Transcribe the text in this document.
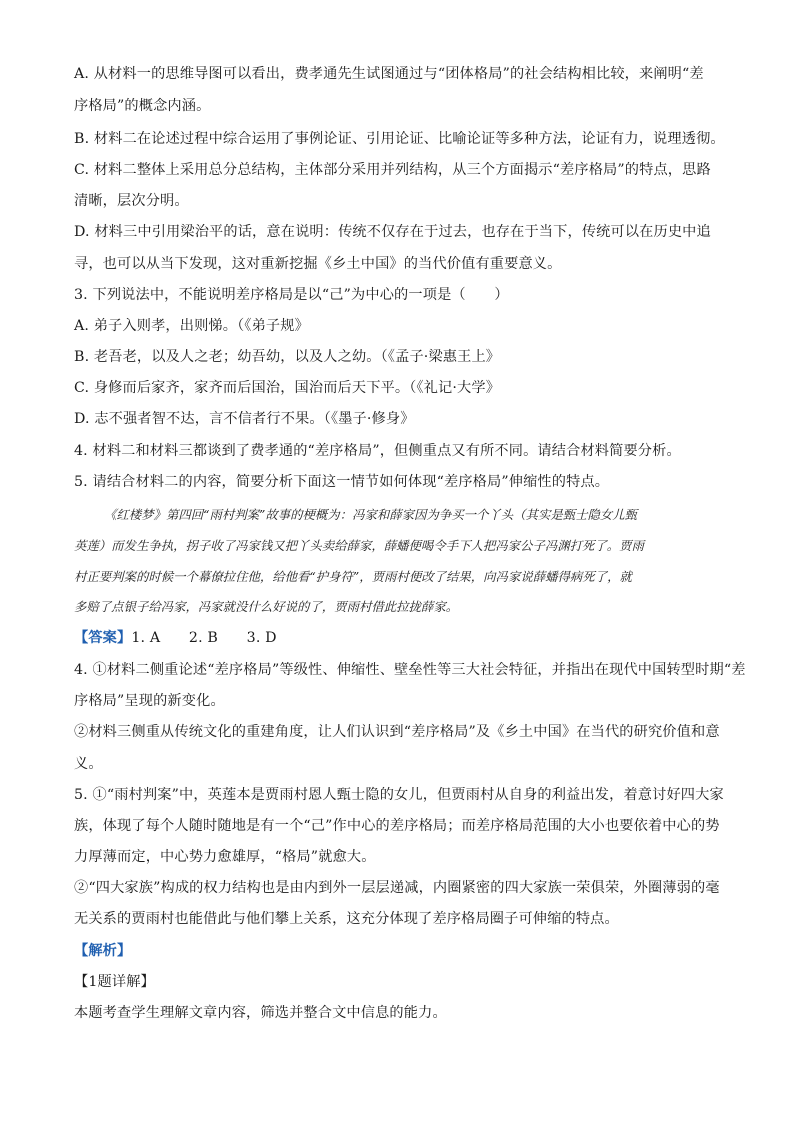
A. 从材料一的思维导图可以看出，费孝通先生试图通过与“团体格局”的社会结构相比较，来阐明“差
序格局”的概念内涵。
B. 材料二在论述过程中综合运用了事例论证、引用论证、比喻论证等多种方法，论证有力，说理透彻。
C. 材料二整体上采用总分总结构，主体部分采用并列结构，从三个方面揭示“差序格局”的特点，思路
清晰，层次分明。
D. 材料三中引用梁治平的话，意在说明：传统不仅存在于过去，也存在于当下，传统可以在历史中追
寻，也可以从当下发现，这对重新挖掘《乡土中国》的当代价值有重要意义。
3. 下列说法中，不能说明差序格局是以“己”为中心的一项是（　　）
A. 弟子入则孝，出则悌。（《弟子规》
B. 老吾老，以及人之老；幼吾幼，以及人之幼。（《孟子·梁惠王上》
C. 身修而后家齐，家齐而后国治，国治而后天下平。（《礼记·大学》
D. 志不强者智不达，言不信者行不果。（《墨子·修身》
4. 材料二和材料三都谈到了费孝通的“差序格局”，但侧重点又有所不同。请结合材料简要分析。
5. 请结合材料二的内容，简要分析下面这一情节如何体现“差序格局”伸缩性的特点。
《红楼梦》第四回“雨村判案”故事的梗概为：冯家和薛家因为争买一个丫头（其实是甄士隐女儿甄
英莲）而发生争执，拐子收了冯家钱又把丫头卖给薛家，薛蟠便喝令手下人把冯家公子冯渊打死了。贾雨
村正要判案的时候一个幕僚拉住他，给他看“护身符”，贾雨村便改了结果，向冯家说薛蟠得病死了，就
多赔了点银子给冯家，冯家就没什么好说的了，贾雨村借此拉拢薛家。
【答案】1. A　　2. B　　3. D
4. ①材料二侧重论述“差序格局”等级性、伸缩性、壁垒性等三大社会特征，并指出在现代中国转型时期“差
序格局”呈现的新变化。
②材料三侧重从传统文化的重建角度，让人们认识到“差序格局”及《乡土中国》在当代的研究价值和意
义。
5. ①“雨村判案”中，英莲本是贾雨村恩人甄士隐的女儿，但贾雨村从自身的利益出发，着意讨好四大家
族，体现了每个人随时随地是有一个“己”作中心的差序格局；而差序格局范围的大小也要依着中心的势
力厚薄而定，中心势力愈雄厚，“格局”就愈大。
②“四大家族”构成的权力结构也是由内到外一层层递减，内圈紧密的四大家族一荣俱荣，外圈薄弱的毫
无关系的贾雨村也能借此与他们攀上关系，这充分体现了差序格局圈子可伸缩的特点。
【解析】
【1题详解】
本题考查学生理解文章内容，筛选并整合文中信息的能力。
